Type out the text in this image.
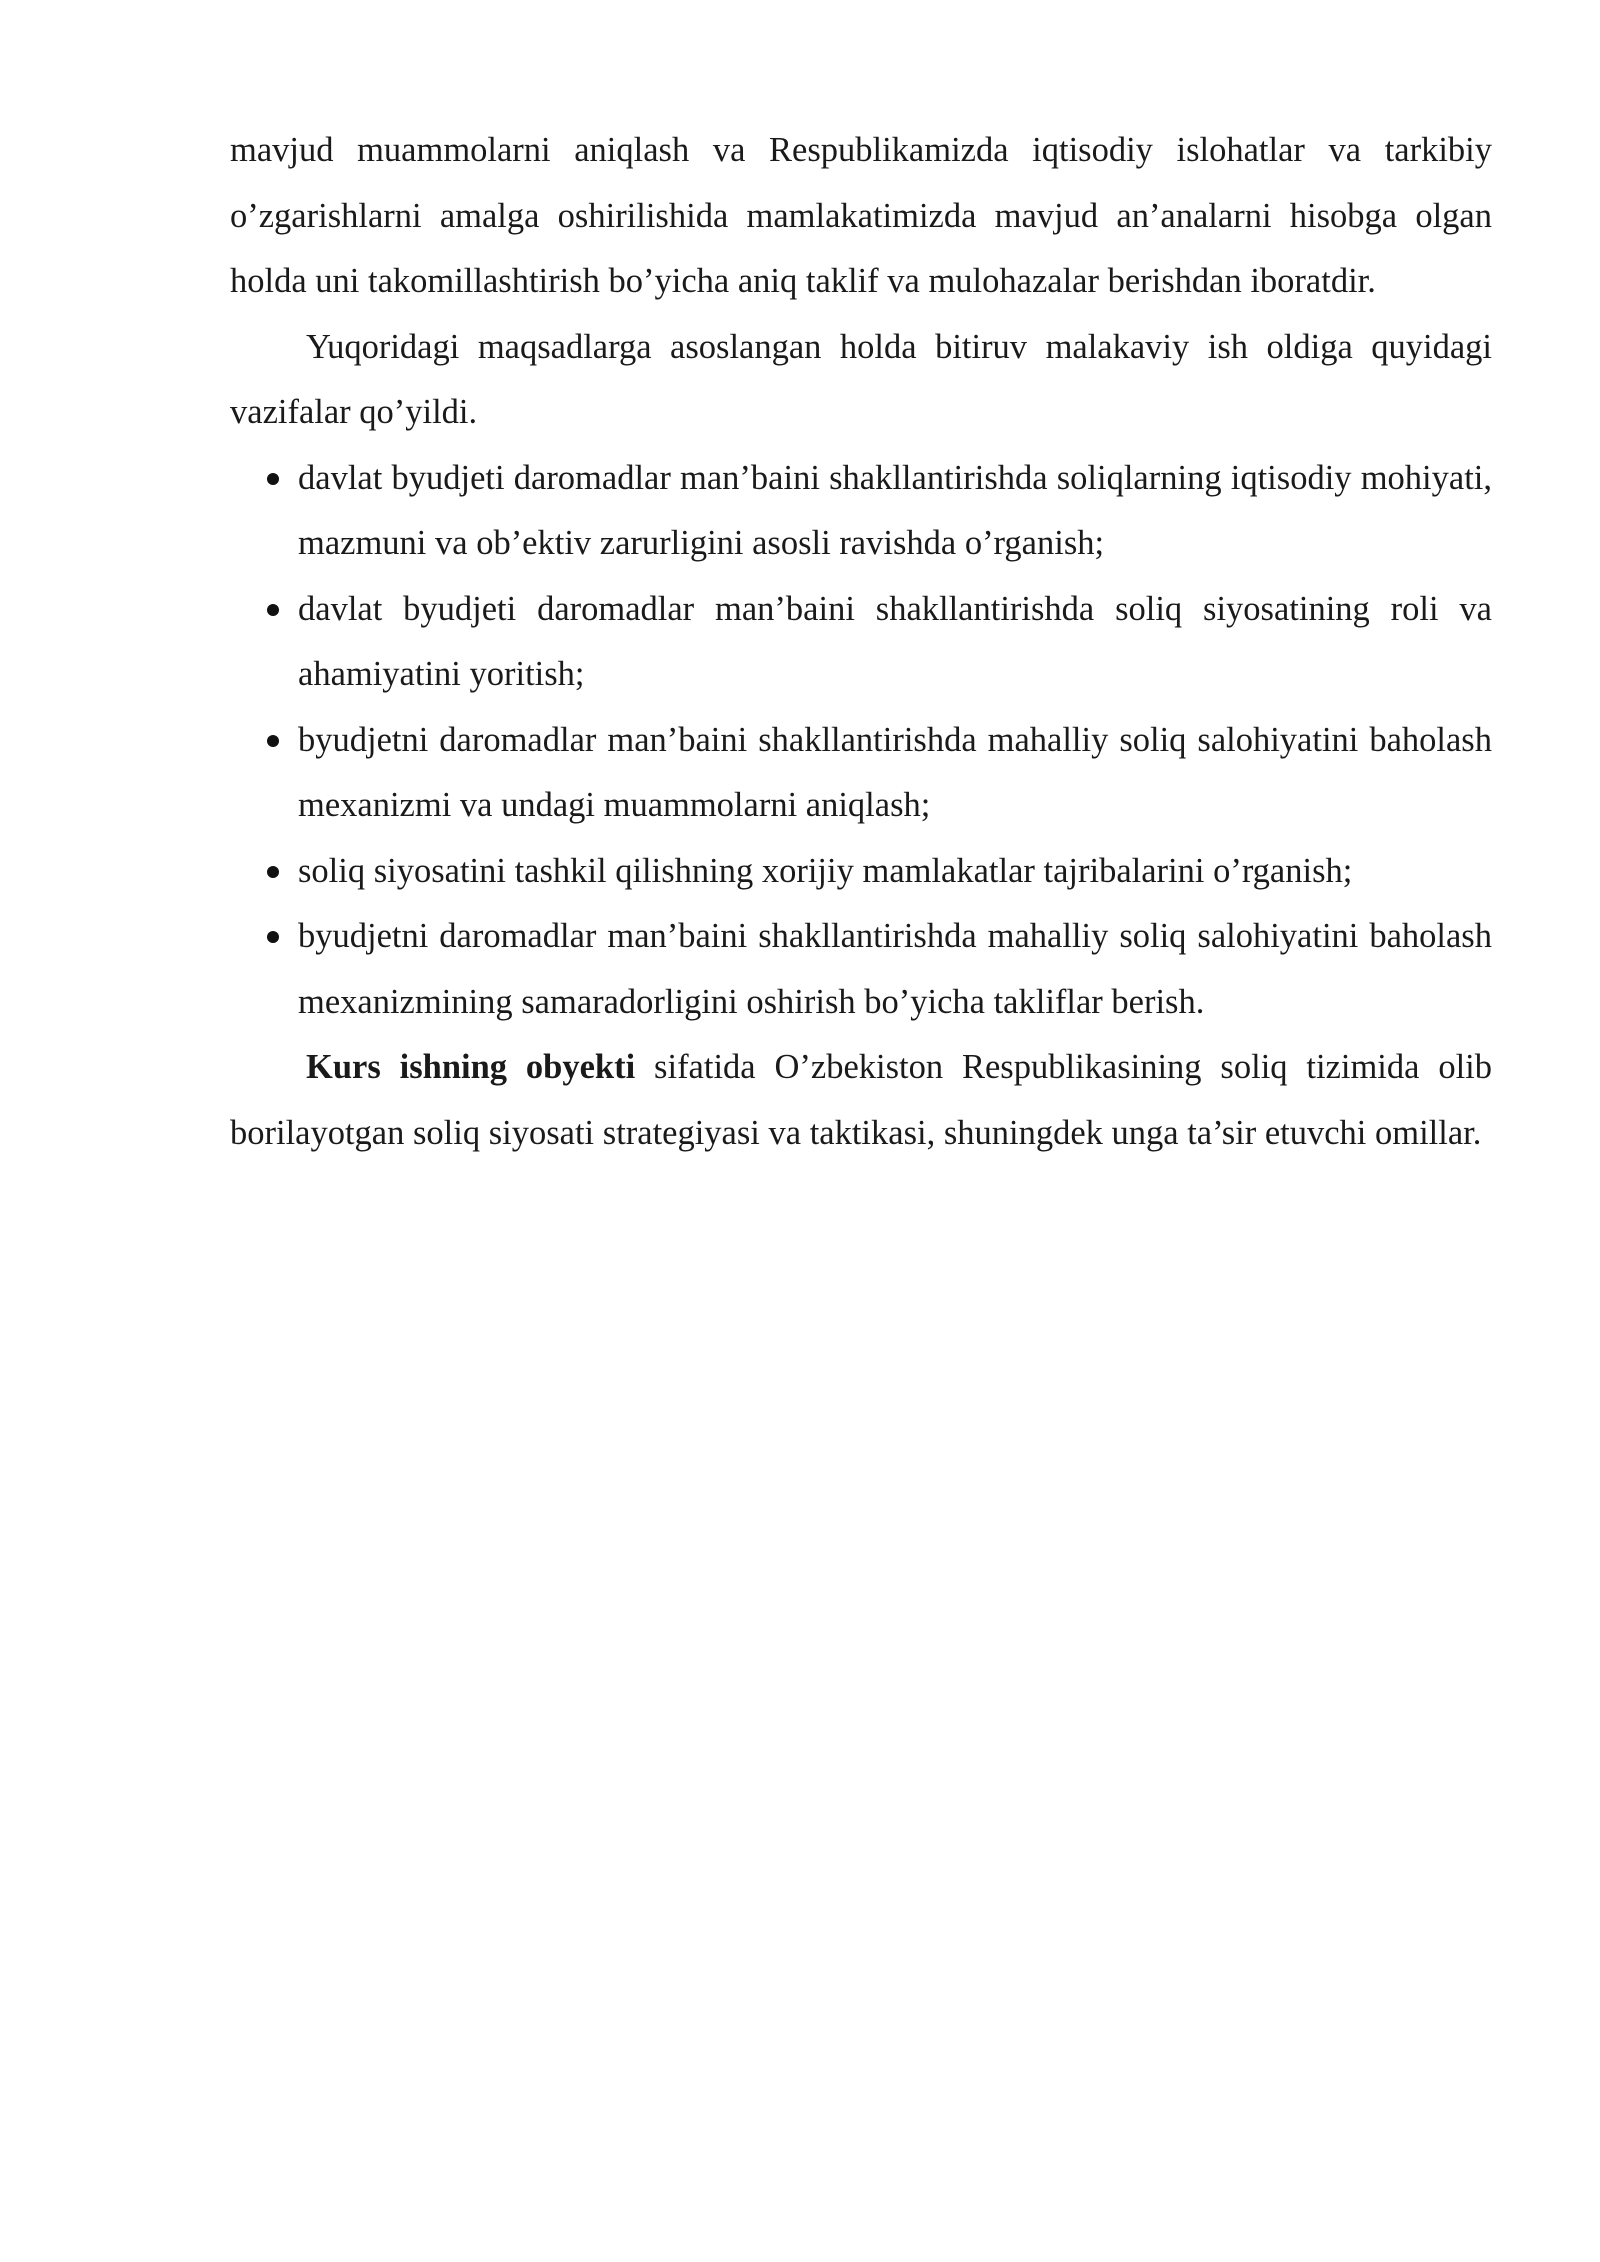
mavjud muammolarni aniqlash va Respublikamizda iqtisodiy islohatlar va tarkibiy o’zgarishlarni amalga oshirilishida mamlakatimizda mavjud an’analarni hisobga olgan holda uni takomillashtirish bo’yicha aniq taklif va mulohazalar berishdan iboratdir.

Yuqoridagi maqsadlarga asoslangan holda bitiruv malakaviy ish oldiga quyidagi vazifalar qo’yildi.

davlat byudjeti daromadlar man’baini shakllantirishda soliqlarning iqtisodiy mohiyati, mazmuni va ob’ektiv zarurligini asosli ravishda o’rganish;
davlat byudjeti daromadlar man’baini shakllantirishda soliq siyosatining roli va ahamiyatini yoritish;
byudjetni daromadlar man’baini shakllantirishda mahalliy soliq salohiyatini baholash mexanizmi va undagi muammolarni aniqlash;
soliq siyosatini tashkil qilishning xorijiy mamlakatlar tajribalarini o’rganish;
byudjetni daromadlar man’baini shakllantirishda mahalliy soliq salohiyatini baholash mexanizmining samaradorligini oshirish bo’yicha takliflar berish.

Kurs ishning obyekti sifatida O’zbekiston Respublikasining soliq tizimida olib borilayotgan soliq siyosati strategiyasi va taktikasi, shuningdek unga ta’sir etuvchi omillar.
